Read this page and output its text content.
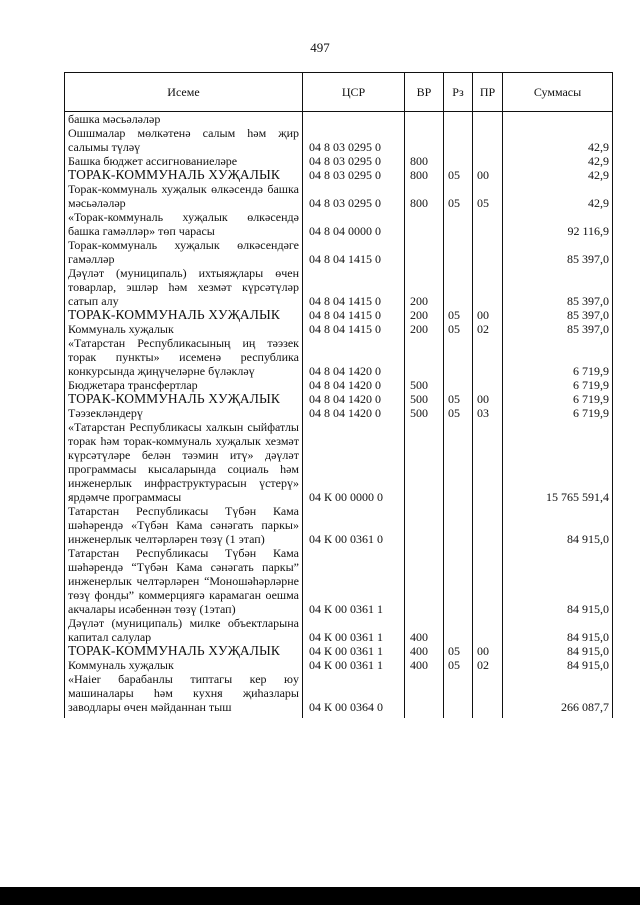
497
Исеме	ЦСР	ВР	Рз	ПР	Суммасы
башка мәсьәләләр					
Ошшмалар мөлкәтенә салым һәм җир салымы түләү	04 8 03 0295 0				42,9
Башка бюджет ассигнованиеләре	04 8 03 0295 0	800			42,9
ТОРАК-КОММУНАЛЬ ХУҖАЛЫК	04 8 03 0295 0	800	05	00	42,9
Торак-коммуналь хуҗалык өлкәсендә башка мәсьәләләр	04 8 03 0295 0	800	05	05	42,9
«Торак-коммуналь хуҗалык өлкәсендә башка гамәлләр» төп чарасы	04 8 04 0000 0				92 116,9
Торак-коммуналь хуҗалык өлкәсендәге гамәлләр	04 8 04 1415 0				85 397,0
Дәүләт (муниципаль) ихтыяҗлары өчен товарлар, эшләр һәм хезмәт күрсәтүләр сатып алу	04 8 04 1415 0	200			85 397,0
ТОРАК-КОММУНАЛЬ ХУҖАЛЫК	04 8 04 1415 0	200	05	00	85 397,0
Коммуналь хуҗалык	04 8 04 1415 0	200	05	02	85 397,0
«Татарстан Республикасының иң тәэзек торак пункты» исеменә республика конкурсында җиңүчеләрне бүләкләү	04 8 04 1420 0				6 719,9
Бюджетара трансфертлар	04 8 04 1420 0	500			6 719,9
ТОРАК-КОММУНАЛЬ ХУҖАЛЫК	04 8 04 1420 0	500	05	00	6 719,9
Тәэзекләндерү	04 8 04 1420 0	500	05	03	6 719,9
«Татарстан Республикасы халкын сыйфатлы торак һәм торак-коммуналь хуҗалык хезмәт күрсәтүләре белән тәэмин итү» дәүләт программасы кысаларында социаль һәм инженерлык инфраструктурасын үстерү» ярдәмче программасы	04 К 00 0000 0				15 765 591,4
Татарстан Республикасы Түбән Кама шәһәрендә «Түбән Кама сәнәгать паркы» инженерлык челтәрләрен төзү (1 этап)	04 К 00 0361 0				84 915,0
Татарстан Республикасы Түбән Кама шәһәрендә “Түбән Кама сәнәгать паркы” инженерлык челтәрләрен “Моношәһәрләрне төзү фонды” коммерциягә карамаган оешма акчалары исәбеннән төзү (1этап)	04 К 00 0361 1				84 915,0
Дәүләт (муниципаль) милке объектларына капитал салулар	04 К 00 0361 1	400			84 915,0
ТОРАК-КОММУНАЛЬ ХУҖАЛЫК	04 К 00 0361 1	400	05	00	84 915,0
Коммуналь хуҗалык	04 К 00 0361 1	400	05	02	84 915,0
«Haier барабанлы типтагы кер юу машиналары һәм кухня җиһазлары заводлары өчен мәйданнан тыш	04 К 00 0364 0				266 087,7
